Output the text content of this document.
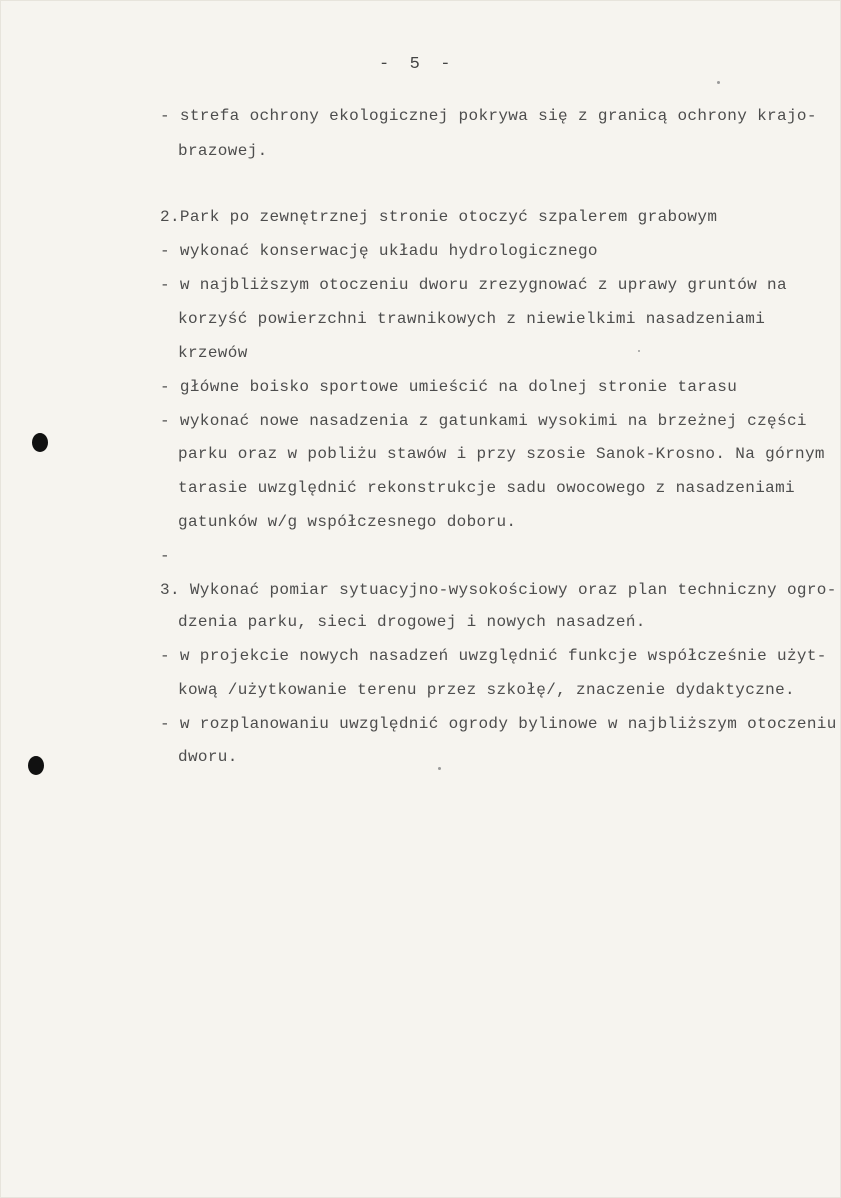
-  5  -
- strefa ochrony ekologicznej pokrywa się z granicą ochrony krajo-
brazowej.
2.Park po zewnętrznej stronie otoczyć szpalerem grabowym
- wykonać konserwację układu hydrologicznego
- w najbliższym otoczeniu dworu zrezygnować z uprawy gruntów na
korzyść powierzchni trawnikowych z niewielkimi nasadzeniami
krzewów
- główne boisko sportowe umieścić na dolnej stronie tarasu
- wykonać nowe nasadzenia z gatunkami wysokimi na brzeżnej części
parku oraz w pobliżu stawów i przy szosie Sanok-Krosno. Na górnym
tarasie uwzględnić rekonstrukcje sadu owocowego z nasadzeniami
gatunków w/g współczesnego doboru.
-
3. Wykonać pomiar sytuacyjno-wysokościowy oraz plan techniczny ogro-
dzenia parku, sieci drogowej i nowych nasadzeń.
- w projekcie nowych nasadzeń uwzględnić funkcje współcześnie użyt-
kową /użytkowanie terenu przez szkołę/, znaczenie dydaktyczne.
- w rozplanowaniu uwzględnić ogrody bylinowe w najbliższym otoczeniu
dworu.
